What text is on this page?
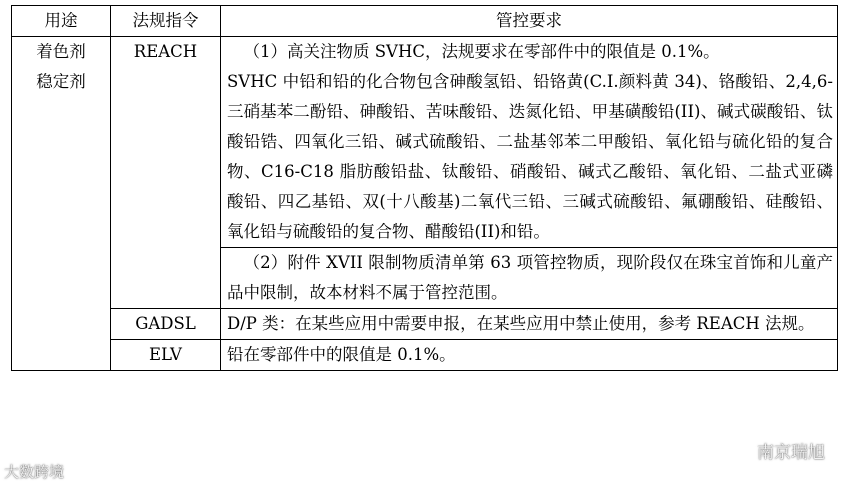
用途	法规指令	管控要求

着色剂
稳定剂	REACH	（1）高关注物质 SVHC，法规要求在零部件中的限值是 0.1%。
SVHC 中铅和铅的化合物包含砷酸氢铅、铅铬黄(C.I.颜料黄 34)、铬酸铅、2,4,6-三硝基苯二酚铅、砷酸铅、苦味酸铅、迭氮化铅、甲基磺酸铅(II)、碱式碳酸铅、钛酸铅锆、四氧化三铅、碱式硫酸铅、二盐基邻苯二甲酸铅、氧化铅与硫化铅的复合物、C16-C18 脂肪酸铅盐、钛酸铅、硝酸铅、碱式乙酸铅、氧化铅、二盐式亚磷酸铅、四乙基铅、双(十八酸基)二氧代三铅、三碱式硫酸铅、氟硼酸铅、硅酸铅、氧化铅与硫酸铅的复合物、醋酸铅(II)和铅。

		（2）附件 XVII 限制物质清单第 63 项管控物质，现阶段仅在珠宝首饰和儿童产品中限制，故本材料不属于管控范围。

	GADSL	D/P 类：在某些应用中需要申报，在某些应用中禁止使用，参考 REACH 法规。
	ELV	铅在零部件中的限值是 0.1%。
南京瑞旭
大数跨境
